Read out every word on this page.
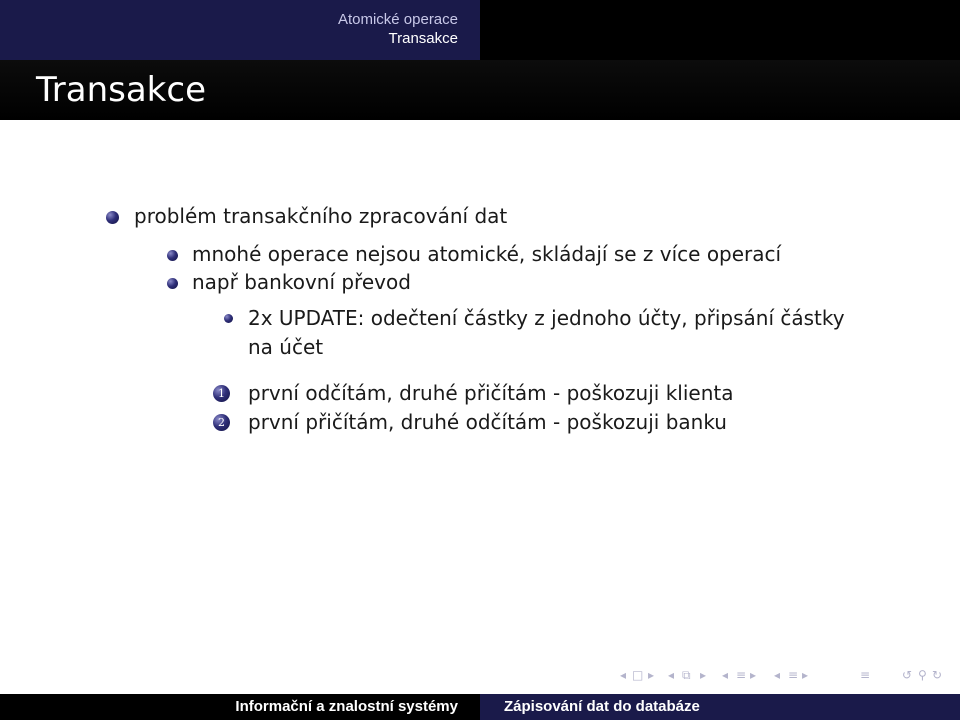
Atomické operace
Transakce
Transakce
problém transakčního zpracování dat
mnohé operace nejsou atomické, skládají se z více operací
např bankovní převod
2x UPDATE: odečtení částky z jednoho účty, připsání částky
na účet
1 první odčítám, druhé přičítám - poškozuji klienta
2 první přičítám, druhé odčítám - poškozuji banku
◂ □ ▸ ◂ ⧉ ▸ ◂ ≡ ▸ ◂ ≡ ▸	≡	↺ ⚲ ↻
Informační a znalostní systémy	Zápisování dat do databáze
